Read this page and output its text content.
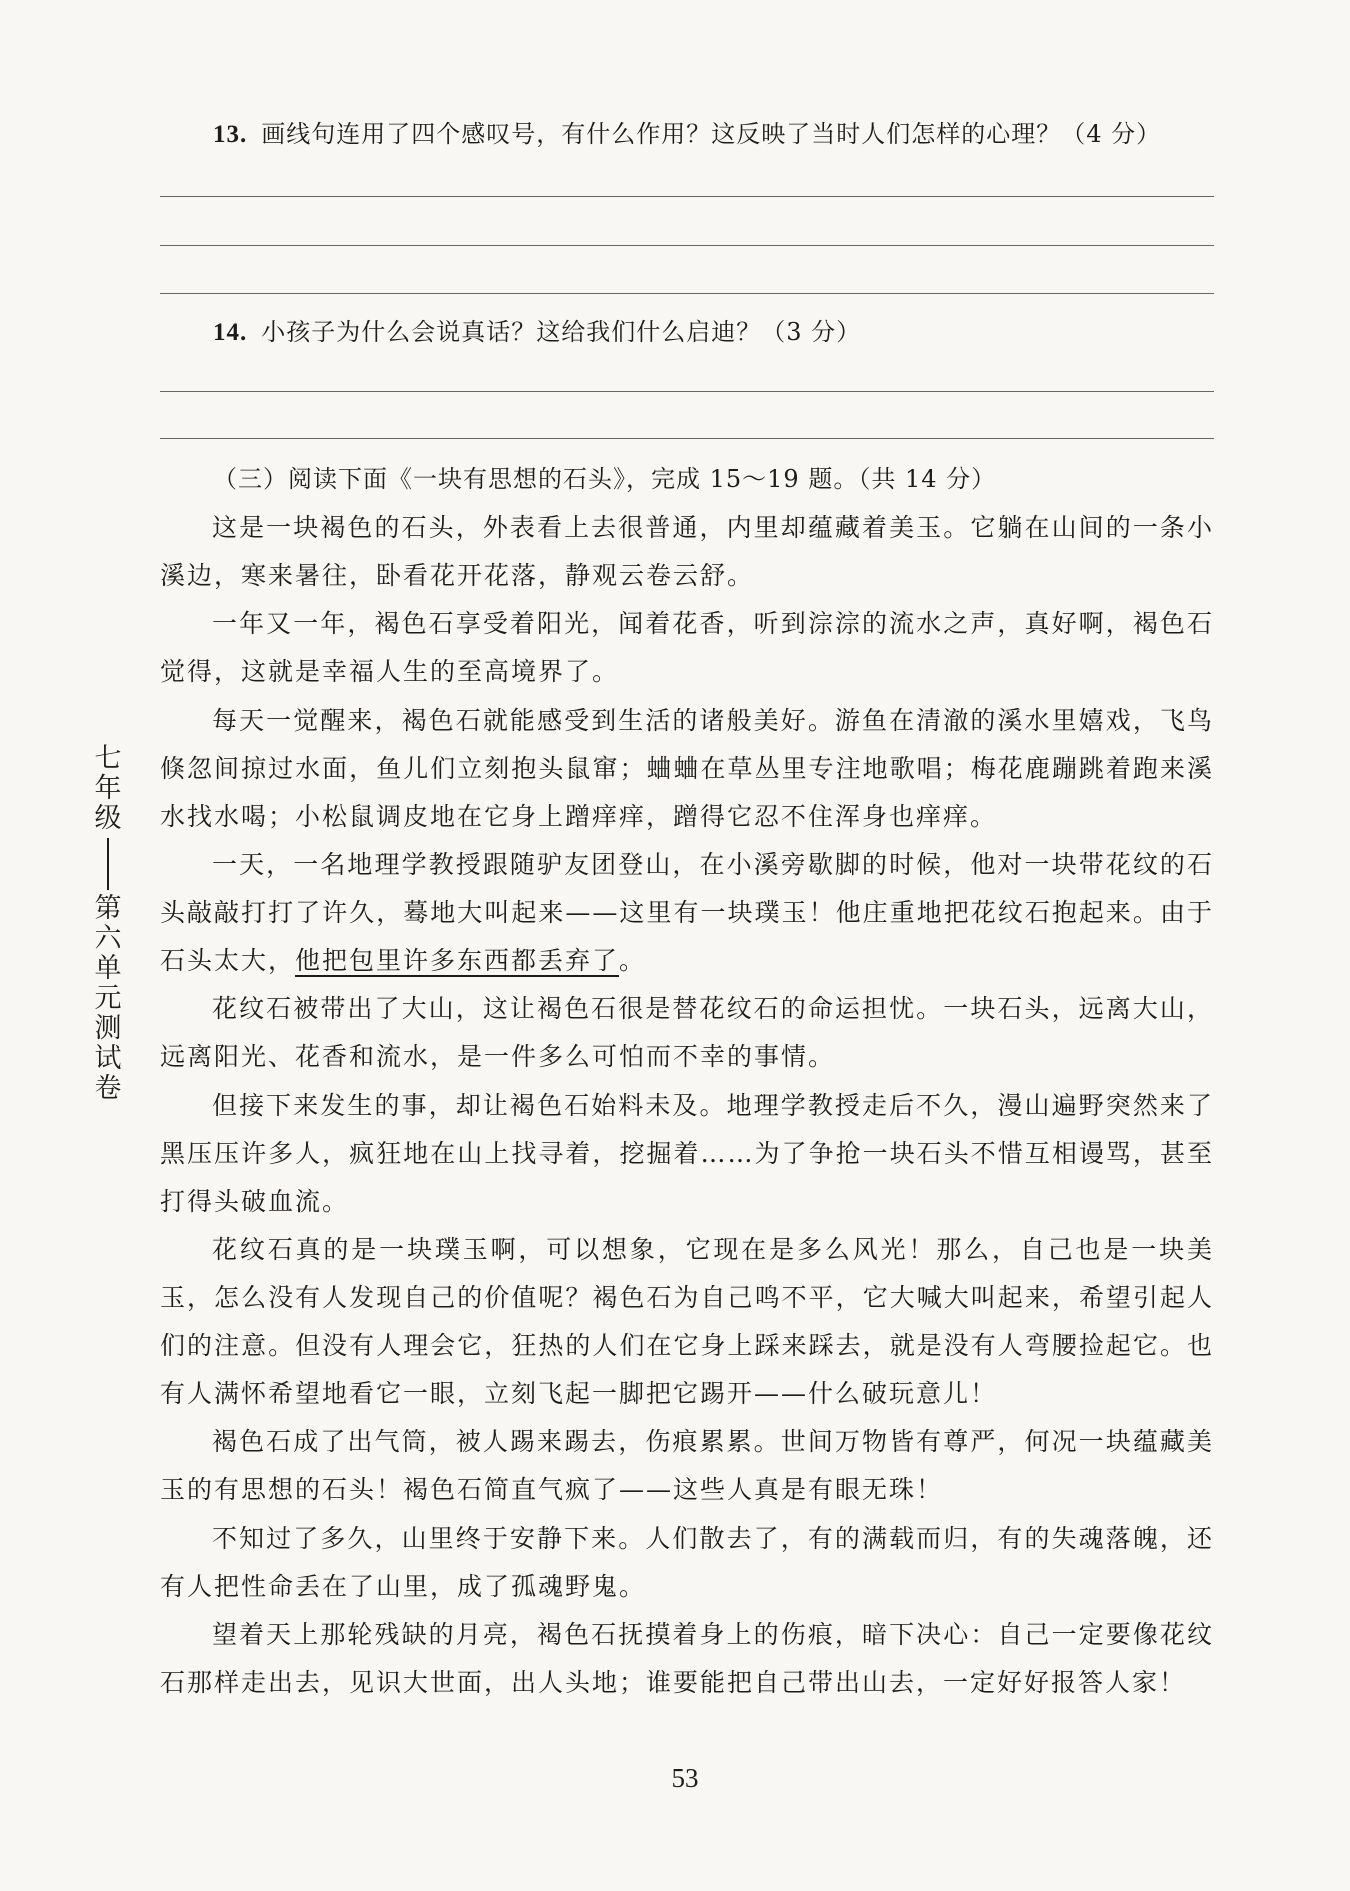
13. 画线句连用了四个感叹号，有什么作用？这反映了当时人们怎样的心理？（4 分）
14. 小孩子为什么会说真话？这给我们什么启迪？（3 分）
（三）阅读下面《一块有思想的石头》，完成 15～19 题。（共 14 分）

这是一块褐色的石头，外表看上去很普通，内里却蕴藏着美玉。它躺在山间的一条小溪边，寒来暑往，卧看花开花落，静观云卷云舒。

一年又一年，褐色石享受着阳光，闻着花香，听到淙淙的流水之声，真好啊，褐色石觉得，这就是幸福人生的至高境界了。

每天一觉醒来，褐色石就能感受到生活的诸般美好。游鱼在清澈的溪水里嬉戏，飞鸟倏忽间掠过水面，鱼儿们立刻抱头鼠窜；蛐蛐在草丛里专注地歌唱；梅花鹿蹦跳着跑来溪水找水喝；小松鼠调皮地在它身上蹭痒痒，蹭得它忍不住浑身也痒痒。

一天，一名地理学教授跟随驴友团登山，在小溪旁歇脚的时候，他对一块带花纹的石头敲敲打打了许久，蓦地大叫起来——这里有一块璞玉！他庄重地把花纹石抱起来。由于石头太大，他把包里许多东西都丢弃了。

花纹石被带出了大山，这让褐色石很是替花纹石的命运担忧。一块石头，远离大山，远离阳光、花香和流水，是一件多么可怕而不幸的事情。

但接下来发生的事，却让褐色石始料未及。地理学教授走后不久，漫山遍野突然来了黑压压许多人，疯狂地在山上找寻着，挖掘着……为了争抢一块石头不惜互相谩骂，甚至打得头破血流。

花纹石真的是一块璞玉啊，可以想象，它现在是多么风光！那么，自己也是一块美玉，怎么没有人发现自己的价值呢？褐色石为自己鸣不平，它大喊大叫起来，希望引起人们的注意。但没有人理会它，狂热的人们在它身上踩来踩去，就是没有人弯腰捡起它。也有人满怀希望地看它一眼，立刻飞起一脚把它踢开——什么破玩意儿！

褐色石成了出气筒，被人踢来踢去，伤痕累累。世间万物皆有尊严，何况一块蕴藏美玉的有思想的石头！褐色石简直气疯了——这些人真是有眼无珠！

不知过了多久，山里终于安静下来。人们散去了，有的满载而归，有的失魂落魄，还有人把性命丢在了山里，成了孤魂野鬼。

望着天上那轮残缺的月亮，褐色石抚摸着身上的伤痕，暗下决心：自己一定要像花纹石那样走出去，见识大世面，出人头地；谁要能把自己带出山去，一定好好报答人家！

七
年
级
第
六
单
元
测
试
卷
53
